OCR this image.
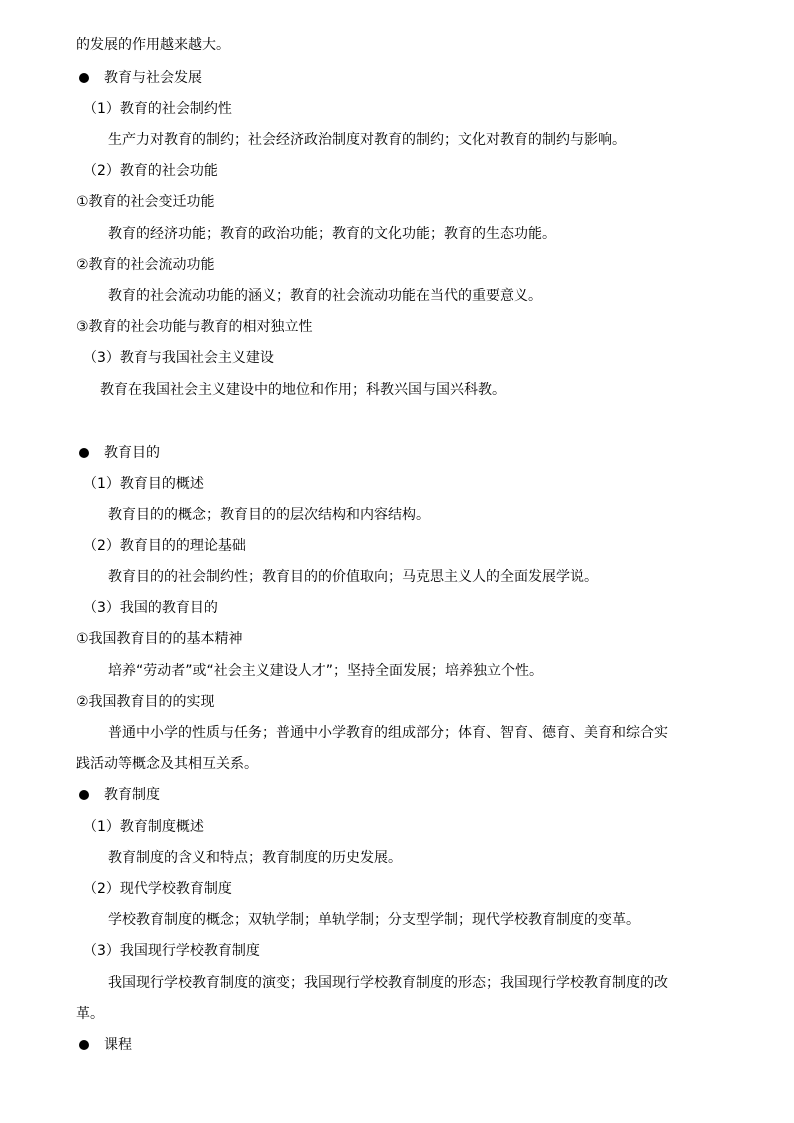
的发展的作用越来越大。
教育与社会发展
（1）教育的社会制约性
生产力对教育的制约；社会经济政治制度对教育的制约；文化对教育的制约与影响。
（2）教育的社会功能
①教育的社会变迁功能
教育的经济功能；教育的政治功能；教育的文化功能；教育的生态功能。
②教育的社会流动功能
教育的社会流动功能的涵义；教育的社会流动功能在当代的重要意义。
③教育的社会功能与教育的相对独立性
（3）教育与我国社会主义建设
教育在我国社会主义建设中的地位和作用；科教兴国与国兴科教。
教育目的
（1）教育目的概述
教育目的的概念；教育目的的层次结构和内容结构。
（2）教育目的的理论基础
教育目的的社会制约性；教育目的的价值取向；马克思主义人的全面发展学说。
（3）我国的教育目的
①我国教育目的的基本精神
培养“劳动者”或“社会主义建设人才”；坚持全面发展；培养独立个性。
②我国教育目的的实现
普通中小学的性质与任务；普通中小学教育的组成部分；体育、智育、德育、美育和综合实
践活动等概念及其相互关系。
教育制度
（1）教育制度概述
教育制度的含义和特点；教育制度的历史发展。
（2）现代学校教育制度
学校教育制度的概念；双轨学制；单轨学制；分支型学制；现代学校教育制度的变革。
（3）我国现行学校教育制度
我国现行学校教育制度的演变；我国现行学校教育制度的形态；我国现行学校教育制度的改
革。
课程
